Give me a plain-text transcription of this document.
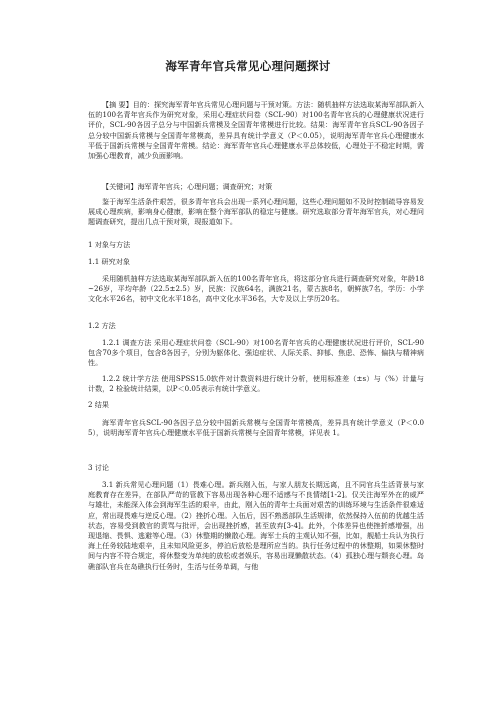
海军青年官兵常见心理问题探讨
【摘 要】目的：探究海军青年官兵常见心理问题与干预对策。方法：随机抽样方法选取某海军部队新入伍的100名青年官兵作为研究对象，采用心理症状问卷（SCL-90）对100名青年官兵的心理健康状况进行评价，SCL-90各因子总分与中国新兵常模及全国青年常模进行比较。结果：海军青年官兵SCL-90各因子总分较中国新兵常模与全国青年常模高，差异具有统计学意义（P＜0.05），说明海军青年官兵心理健康水平低于国新兵常模与全国青年常模。结论：海军青年官兵心理健康水平总体较低，心理处于不稳定时期，需加强心理教育，减少负面影响。
【关键词】海军青年官兵；心理问题；调查研究；对策
鉴于海军生活条件艰苦，很多青年官兵会出现一系列心理问题，这些心理问题如不及时控制疏导容易发展成心理疾病，影响身心健康，影响在整个海军部队的稳定与健康。研究选取部分青年海军官兵，对心理问题调查研究，提出几点干预对策，现报道如下。
1 对象与方法
1.1 研究对象
采用随机抽样方法选取某海军部队新入伍的100名青年官兵，将这部分官兵进行调查研究对象，年龄18~26岁，平均年龄（22.5±2.5）岁，民族：汉族64名，满族21名，蒙古族8名，朝鲜族7名，学历：小学文化水平26名，初中文化水平18名，高中文化水平36名，大专及以上学历20名。
1.2 方法
1.2.1 调查方法 采用心理症状问卷（SCL-90）对100名青年官兵的心理健康状况进行评价，SCL-90包含70多个项目，包含8各因子，分别为躯体化、强迫症状、人际关系、抑郁、焦虑、恐怖、偏执与精神病性。
1.2.2 统计学方法 使用SPSS15.0软件对计数资料进行统计分析，使用标准差（±s）与（%）计量与计数，2 检验统计结果，以P＜0.05表示有统计学意义。
2 结果
海军青年官兵SCL-90各因子总分较中国新兵常模与全国青年常模高，差异具有统计学意义（P＜0.05），说明海军青年官兵心理健康水平低于国新兵常模与全国青年常模，详见表 1。
3 讨论
3.1 新兵常见心理问题（1）畏难心理。新兵刚入伍，与家人朋友长期远离，且不同官兵生活背景与家庭教育存在差异，在部队严苛的管教下容易出现各种心理不适感与不良情绪[1-2]。仅关注海军外在的威严与雄壮，未能深入体会到海军生活的艰辛，由此，刚入伍的青年士兵面对艰苦的训练环境与生活条件很难适应，常出现畏难与逆反心理。（2）挫折心理。入伍后，因不熟悉部队生活规律，依然保持入伍前的优越生活状态，容易受到教官的责骂与批评，会出现挫折感，甚至放弃[3-4]。此外，个体差异也使挫折感增强，出现退缩、畏惧、逃避等心理。（3）休整期的懒散心理。海军士兵的主观认知不强，比如，舰船士兵认为执行海上任务较陆地艰辛，且未知风险更多，停泊后放松是理所应当的。执行任务过程中的休整期，如果休整时间与内容不符合规定，将休整变为单纯的放松或者娱乐，容易出现懒散状态。（4）孤独心理与颓丧心理。岛礁部队官兵在岛礁执行任务时，生活与任务单调，与他
